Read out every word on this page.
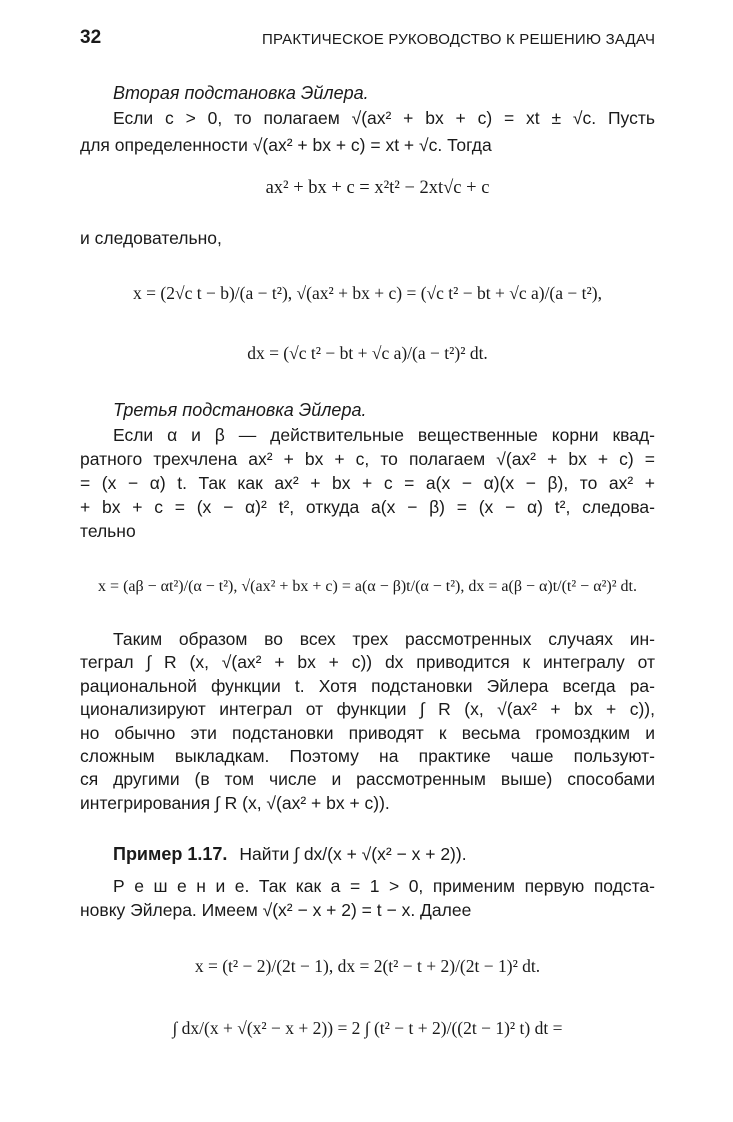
32	ПРАКТИЧЕСКОЕ РУКОВОДСТВО К РЕШЕНИЮ ЗАДАЧ
Вторая подстановка Эйлера.
Если c > 0, то полагаем √(ax² + bx + c) = xt ± √c. Пусть
для определенности √(ax² + bx + c) = xt + √c. Тогда
ax² + bx + c = x²t² − 2xt√c + c
и следовательно,
x = (2√c t − b)/(a − t²), √(ax² + bx + c) = (√c t² − bt + √c a)/(a − t²),
dx = (√c t² − bt + √c a)/(a − t²)² dt.
Третья подстановка Эйлера.
Если α и β — действительные вещественные корни квад-
ратного трехчлена ax² + bx + c, то полагаем √(ax² + bx + c) =
= (x − α) t. Так как ax² + bx + c = a(x − α)(x − β), то ax² +
+ bx + c = (x − α)² t², откуда a(x − β) = (x − α) t², следова-
тельно
x = (aβ − αt²)/(α − t²), √(ax² + bx + c) = a(α − β)t/(α − t²), dx = a(β − α)t/(t² − α²)² dt.
Таким образом во всех трех рассмотренных случаях ин-
теграл ∫ R (x, √(ax² + bx + c)) dx приводится к интегралу от
рациональной функции t. Хотя подстановки Эйлера всегда ра-
ционализируют интеграл от функции ∫ R (x, √(ax² + bx + c)),
но обычно эти подстановки приводят к весьма громоздким и
сложным выкладкам. Поэтому на практике чаше пользуют-
ся другими (в том числе и рассмотренным выше) способами
интегрирования ∫ R (x, √(ax² + bx + c)).
Пример 1.17. Найти ∫ dx/(x + √(x² − x + 2)).
Р е ш е н и е. Так как a = 1 > 0, применим первую подста-
новку Эйлера. Имеем √(x² − x + 2) = t − x. Далее
x = (t² − 2)/(2t − 1), dx = 2(t² − t + 2)/(2t − 1)² dt.
∫ dx/(x + √(x² − x + 2)) = 2 ∫ (t² − t + 2)/((2t − 1)² t) dt =
